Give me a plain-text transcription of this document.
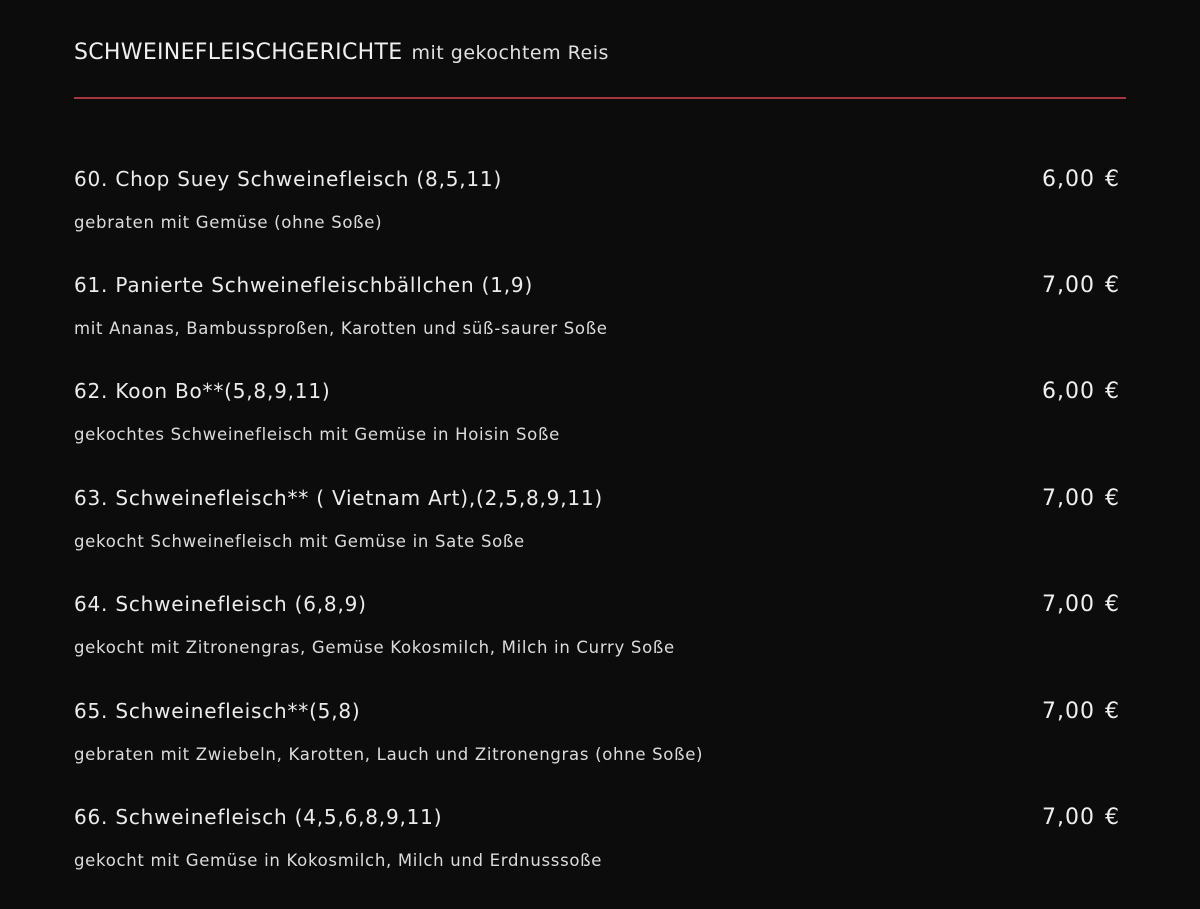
SCHWEINEFLEISCHGERICHTE mit gekochtem Reis
60. Chop Suey Schweinefleisch (8,5,11)	6,00 €
gebraten mit Gemüse (ohne Soße)
61. Panierte Schweinefleischbällchen (1,9)	7,00 €
mit Ananas, Bambussproßen, Karotten und süß-saurer Soße
62. Koon Bo**(5,8,9,11)	6,00 €
gekochtes Schweinefleisch mit Gemüse in Hoisin Soße
63. Schweinefleisch** ( Vietnam Art),(2,5,8,9,11)	7,00 €
gekocht Schweinefleisch mit Gemüse in Sate Soße
64. Schweinefleisch (6,8,9)	7,00 €
gekocht mit Zitronengras, Gemüse Kokosmilch, Milch in Curry Soße
65. Schweinefleisch**(5,8)	7,00 €
gebraten mit Zwiebeln, Karotten, Lauch und Zitronengras (ohne Soße)
66. Schweinefleisch (4,5,6,8,9,11)	7,00 €
gekocht mit Gemüse in Kokosmilch, Milch und Erdnusssoße
